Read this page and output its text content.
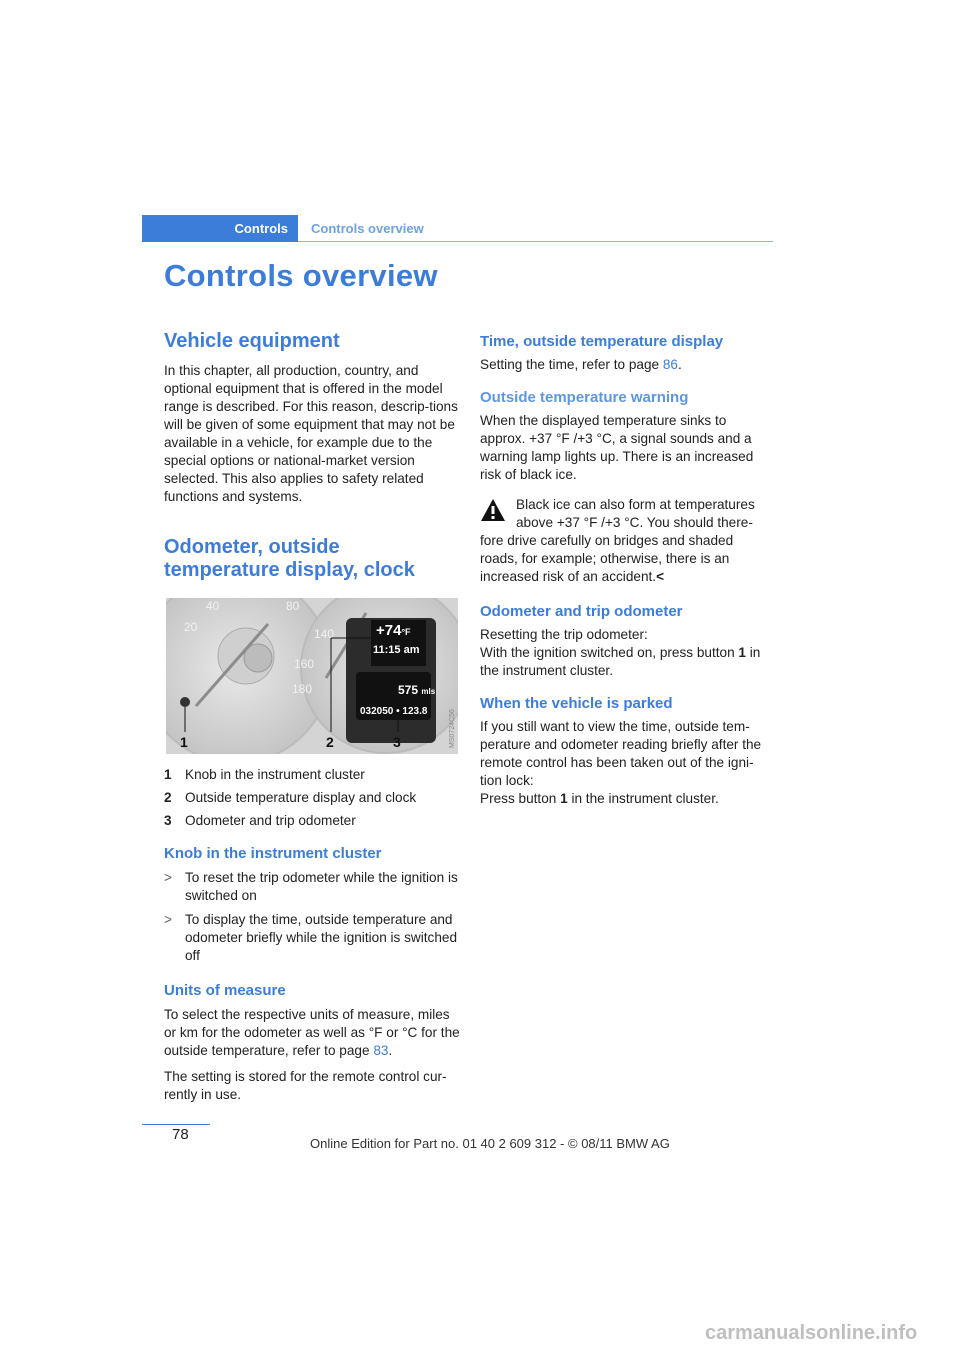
Controls	Controls overview
Controls overview
Vehicle equipment

In this chapter, all production, country, and optional equipment that is offered in the model range is described. For this reason, descrip-tions will be given of some equipment that may not be available in a vehicle, for example due to the special options or national-market version selected. This also applies to safety related functions and systems.

Odometer, outside
temperature display, clock
20
40	80
140
160
180
+74°F
11:15 am
575 mls
032050 • 123.8
1	2	3	MS0724C56
1 Knob in the instrument cluster
2 Outside temperature display and clock
3 Odometer and trip odometer
Knob in the instrument cluster
> To reset the trip odometer while the ignition is switched on
> To display the time, outside temperature and odometer briefly while the ignition is switched off
Units of measure

To select the respective units of measure, miles or km for the odometer as well as °F or °C for the outside temperature, refer to page 83.

The setting is stored for the remote control cur-rently in use.

Time, outside temperature display

Setting the time, refer to page 86.

Outside temperature warning

When the displayed temperature sinks to approx. +37 °F /+3 °C, a signal sounds and a warning lamp lights up. There is an increased risk of black ice.

Black ice can also form at temperatures above +37 °F /+3 °C. You should there-
fore drive carefully on bridges and shaded roads, for example; otherwise, there is an increased risk of an accident.<
Odometer and trip odometer
Resetting the trip odometer:

With the ignition switched on, press button 1 in the instrument cluster.

When the vehicle is parked
If you still want to view the time, outside tem-perature and odometer reading briefly after the remote control has been taken out of the igni-tion lock:
Press button 1 in the instrument cluster.
78
Online Edition for Part no. 01 40 2 609 312 - © 08/11 BMW AG
carmanualsonline.info
